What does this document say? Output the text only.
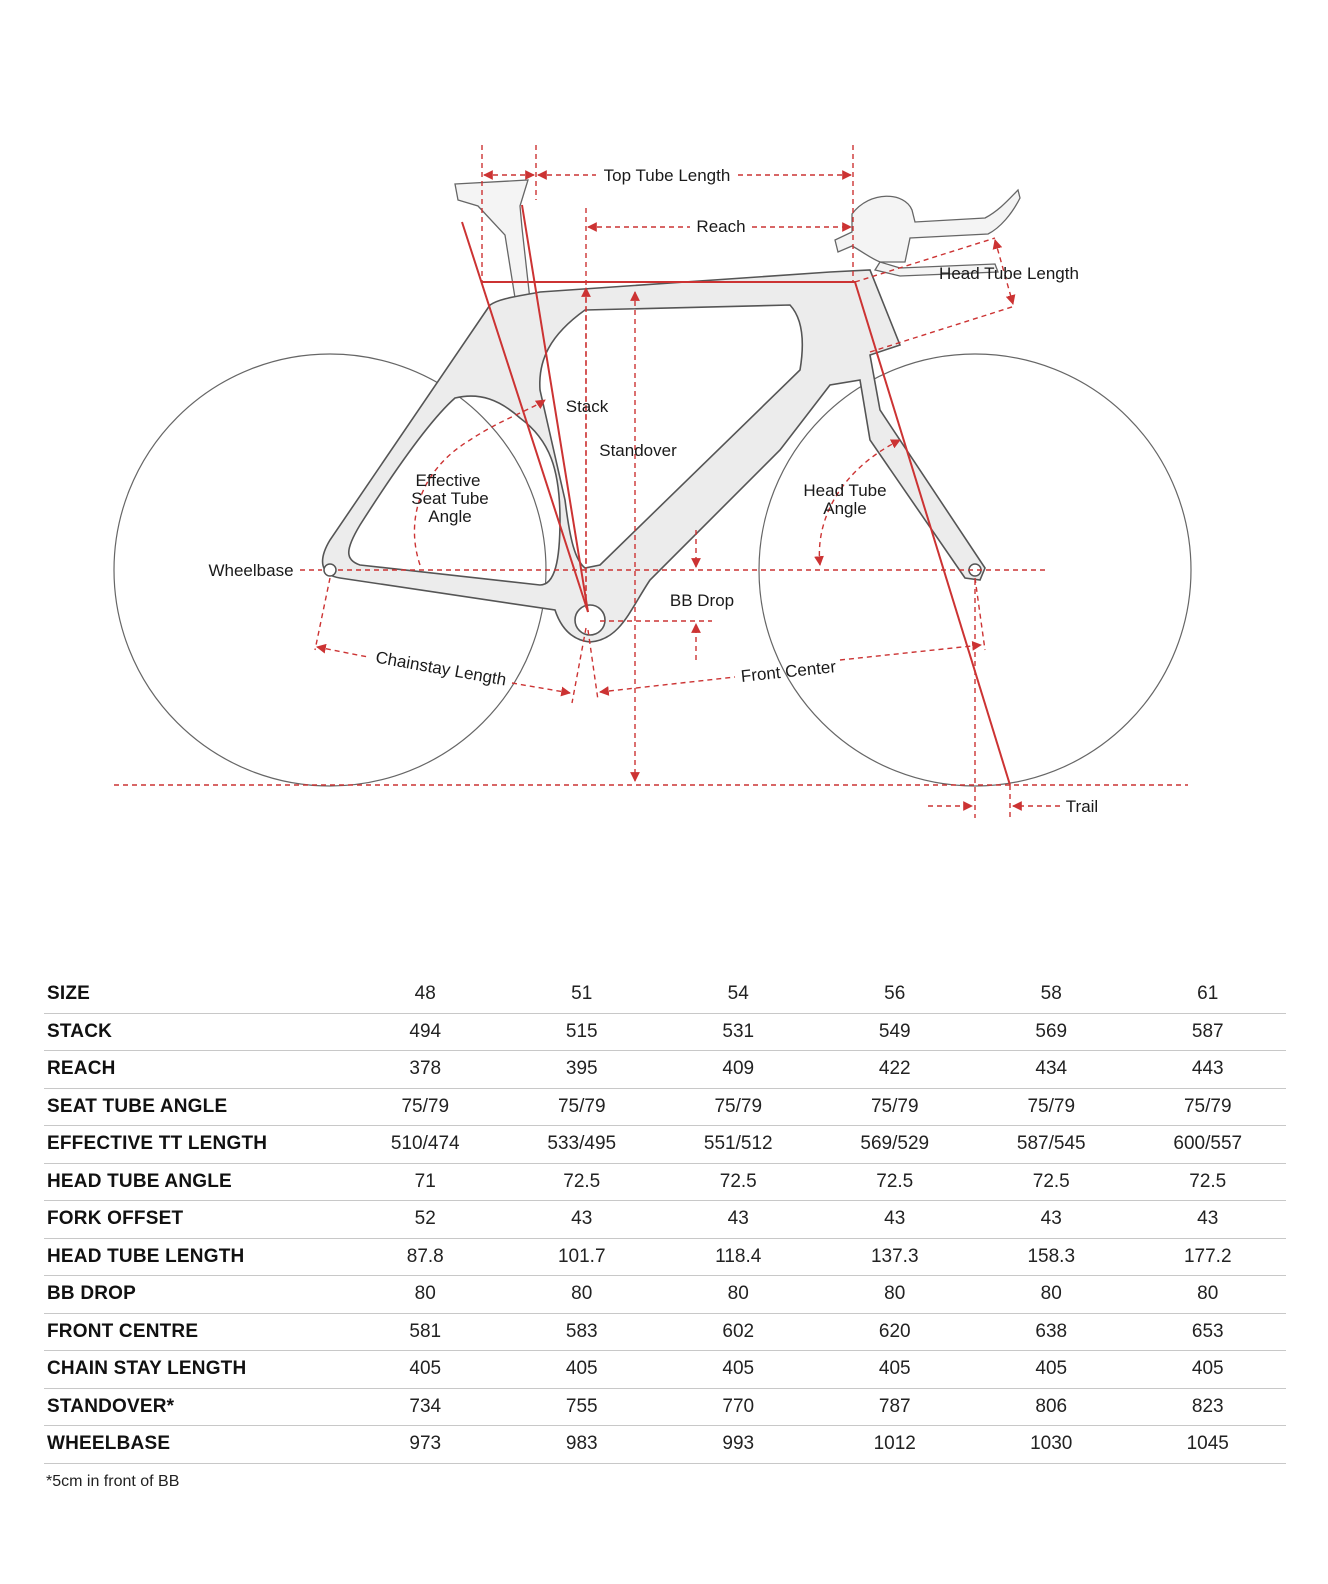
Top Tube Length
Reach
Head Tube Length
Stack
Standover
Effective
Seat Tube
Angle
Head Tube
Angle
Wheelbase
BB Drop
Chainstay Length	Front Center
Trail
SIZE	48	51	54	56	58	61
STACK	494	515	531	549	569	587
REACH	378	395	409	422	434	443
SEAT TUBE ANGLE	75/79	75/79	75/79	75/79	75/79	75/79
EFFECTIVE TT LENGTH	510/474	533/495	551/512	569/529	587/545	600/557
HEAD TUBE ANGLE	71	72.5	72.5	72.5	72.5	72.5
FORK OFFSET	52	43	43	43	43	43
HEAD TUBE LENGTH	87.8	101.7	118.4	137.3	158.3	177.2
BB DROP	80	80	80	80	80	80
FRONT CENTRE	581	583	602	620	638	653
CHAIN STAY LENGTH	405	405	405	405	405	405
STANDOVER*	734	755	770	787	806	823
WHEELBASE	973	983	993	1012	1030	1045
*5cm in front of BB
